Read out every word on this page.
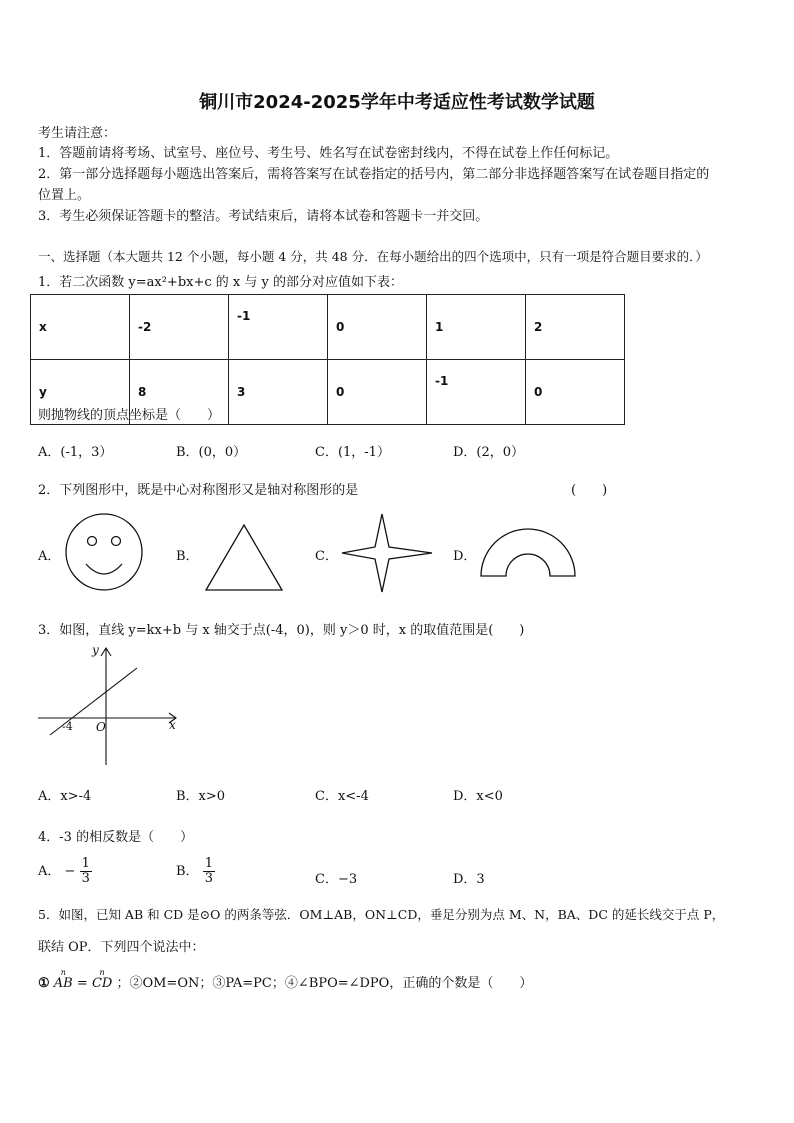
铜川市2024-2025学年中考适应性考试数学试题
考生请注意：
1．答题前请将考场、试室号、座位号、考生号、姓名写在试卷密封线内，不得在试卷上作任何标记。
2．第一部分选择题每小题选出答案后，需将答案写在试卷指定的括号内，第二部分非选择题答案写在试卷题目指定的
位置上。
3．考生必须保证答题卡的整洁。考试结束后，请将本试卷和答题卡一并交回。
一、选择题（本大题共 12 个小题，每小题 4 分，共 48 分．在每小题给出的四个选项中，只有一项是符合题目要求的．）
1．若二次函数 y=ax²+bx+c 的 x 与 y 的部分对应值如下表：
x	-2	-1	0	1	2
y	8	3	0	-1	0
则抛物线的顶点坐标是（　　）
A．(-1，3）	B．(0，0）	C．(1，-1）	D．(2，0）
2．下列图形中，既是中心对称图形又是轴对称图形的是	(　　)
A．	B．	C．	D．
3．如图，直线 y=kx+b 与 x 轴交于点(-4，0)，则 y＞0 时，x 的取值范围是(　　)
y
x
O
-4
A．x>-4	B．x>0	C．x<-4	D．x<0
4．-3 的相反数是（　　）
A． − $\frac{1}{3}$	B． $\frac{1}{3}$	C．−3	D．3
5．如图，已知 AB 和 CD 是⊙O 的两条等弦．OM⊥AB，ON⊥CD，垂足分别为点 M、N，BA、DC 的延长线交于点 P，
联结 OP．下列四个说法中：
①
n
AB =
n
CD ；②OM=ON；③PA=PC；④∠BPO=∠DPO，正确的个数是（　　）
